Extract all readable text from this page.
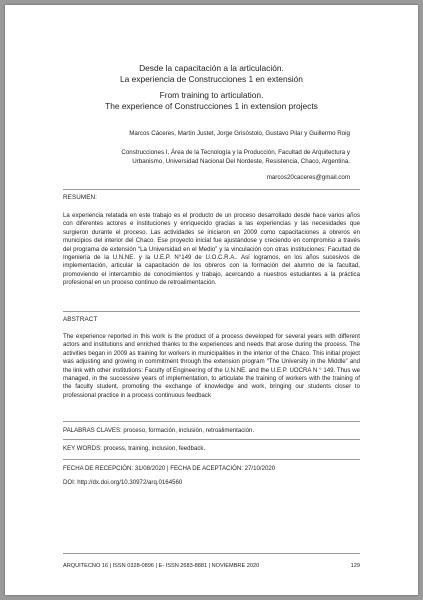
Desde la capacitación a la articulación.
La experiencia de Construcciones 1 en extensión
From training to articulation.
The experience of Construcciones 1 in extension projects
Marcos Cáceres, Martín Justet, Jorge Grisóstolo, Gustavo Pilar y Guillermo Roig
Construcciones I, Área de la Tecnología y la Producción, Facultad de Arquitectura y
Urbanismo, Universidad Nacional Del Nordeste, Resistencia, Chaco, Argentina.
marcos20caceres@gmail.com
RESUMEN:
La experiencia relatada en este trabajo es el producto de un proceso desarrollado desde hace varios años con diferentes actores e instituciones y enriquecido gracias a las experiencias y las necesidades que surgieron durante el proceso. Las actividades se iniciaron en 2009 como capacitaciones a obreros en municipios del interior del Chaco. Ese proyecto inicial fue ajustándose y creciendo en compromiso a través del programa de extensión “La Universidad en el Medio” y la vinculación con otras instituciones: Facultad de Ingeniería de la U.N.NE. y la U.E.P. N°149 de U.O.C.R.A.. Así logramos, en los años sucesivos de implementación, articular la capacitación de los obreros con la formación del alumno de la facultad, promoviendo el intercambio de conocimientos y trabajo, acercando a nuestros estudiantes a la práctica profesional en un proceso continuo de retroalimentación.
ABSTRACT
The experience reported in this work is the product of a process developed for several years with different actors and institutions and enriched thanks to the experiences and needs that arose during the process. The activities began in 2009 as training for workers in municipalities in the interior of the Chaco. This initial project was adjusting and growing in commitment through the extension program “The University in the Middle” and the link with other institutions: Faculty of Engineering of the U.N.NE. and the U.E.P. UOCRA N ° 149. Thus we managed, in the successive years of implementation, to articulate the training of workers with the training of the faculty student, promoting the exchange of knowledge and work, bringing our students closer to professional practice in a process continuous feedback
PALABRAS CLAVES: proceso, formación, inclusión, retroalimentación.
KEY WORDS: process, training, inclusion, feedback.
FECHA DE RECEPCIÓN: 31/08/2020 | FECHA DE ACEPTACIÓN: 27/10/2020
DOI: http://dx.doi.org/10.30972/arq.0164560
ARQUITECNO 16 | ISSN 0328-0896 | E- ISSN 2683-8881 | NOVIEMBRE 2020	129
